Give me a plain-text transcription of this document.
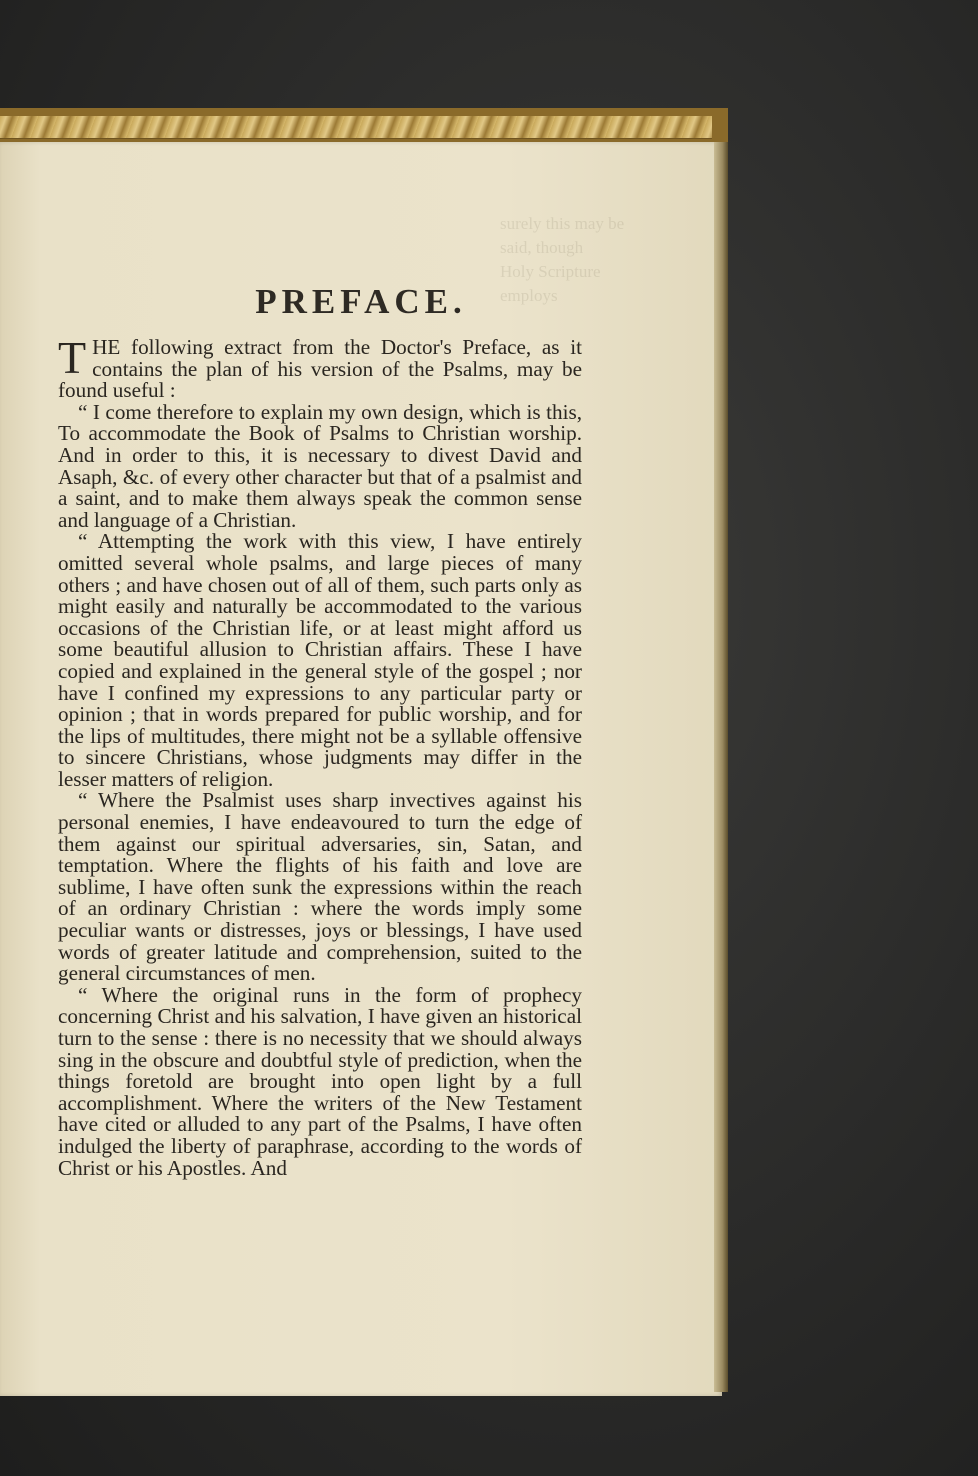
surely this may be
said, though
Holy Scripture
employs
PREFACE.

THE following extract from the Doctor's Preface, as it contains the plan of his version of the Psalms, may be found useful :

“ I come therefore to explain my own design, which is this, To accommodate the Book of Psalms to Christian worship. And in order to this, it is necessary to divest David and Asaph, &c. of every other character but that of a psalmist and a saint, and to make them always speak the common sense and language of a Christian.

“ Attempting the work with this view, I have entirely omitted several whole psalms, and large pieces of many others ; and have chosen out of all of them, such parts only as might easily and naturally be accommodated to the various occasions of the Christian life, or at least might afford us some beautiful allusion to Christian affairs. These I have copied and explained in the general style of the gospel ; nor have I confined my expressions to any particular party or opinion ; that in words prepared for public worship, and for the lips of multitudes, there might not be a syllable offensive to sincere Christians, whose judgments may differ in the lesser matters of religion.

“ Where the Psalmist uses sharp invectives against his personal enemies, I have endeavoured to turn the edge of them against our spiritual adversaries, sin, Satan, and temptation. Where the flights of his faith and love are sublime, I have often sunk the expressions within the reach of an ordinary Christian : where the words imply some peculiar wants or distresses, joys or blessings, I have used words of greater latitude and comprehension, suited to the general circumstances of men.

“ Where the original runs in the form of prophecy concerning Christ and his salvation, I have given an historical turn to the sense : there is no necessity that we should always sing in the obscure and doubtful style of prediction, when the things foretold are brought into open light by a full accomplishment. Where the writers of the New Testament have cited or alluded to any part of the Psalms, I have often indulged the liberty of paraphrase, according to the words of Christ or his Apostles. And
